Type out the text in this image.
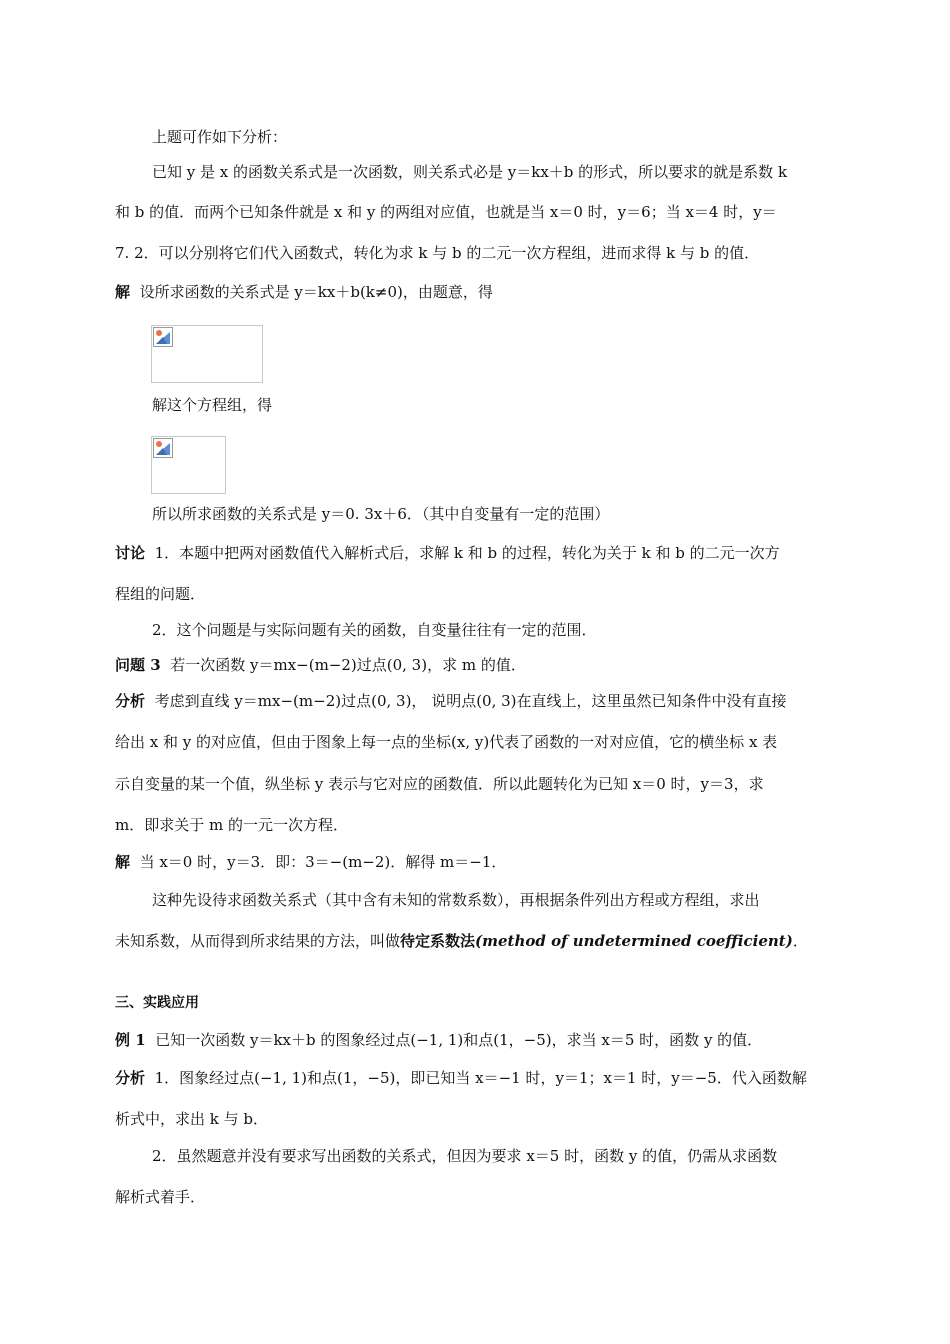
上题可作如下分析：
已知 y 是 x 的函数关系式是一次函数，则关系式必是 y＝kx＋b 的形式，所以要求的就是系数 k
和 b 的值．而两个已知条件就是 x 和 y 的两组对应值，也就是当 x＝0 时，y＝6；当 x＝4 时，y＝
7. 2．可以分别将它们代入函数式，转化为求 k 与 b 的二元一次方程组，进而求得 k 与 b 的值．
解 设所求函数的关系式是 y＝kx＋b(k≠0)，由题意，得
解这个方程组，得
所以所求函数的关系式是 y＝0. 3x＋6．（其中自变量有一定的范围）
讨论 1．本题中把两对函数值代入解析式后，求解 k 和 b 的过程，转化为关于 k 和 b 的二元一次方
程组的问题．
2．这个问题是与实际问题有关的函数，自变量往往有一定的范围．
问题 3 若一次函数 y＝mx−(m−2)过点(0, 3)，求 m 的值．
分析 考虑到直线 y＝mx−(m−2)过点(0, 3)， 说明点(0, 3)在直线上，这里虽然已知条件中没有直接
给出 x 和 y 的对应值，但由于图象上每一点的坐标(x, y)代表了函数的一对对应值，它的横坐标 x 表
示自变量的某一个值，纵坐标 y 表示与它对应的函数值．所以此题转化为已知 x＝0 时，y＝3，求
m．即求关于 m 的一元一次方程．
解 当 x＝0 时，y＝3．即：3＝−(m−2)．解得 m＝−1．
这种先设待求函数关系式（其中含有未知的常数系数），再根据条件列出方程或方程组，求出
未知系数，从而得到所求结果的方法，叫做待定系数法(method of undetermined coefficient)．
三、实践应用
例 1 已知一次函数 y＝kx＋b 的图象经过点(−1, 1)和点(1，−5)，求当 x＝5 时，函数 y 的值．
分析 1．图象经过点(−1, 1)和点(1，−5)，即已知当 x＝−1 时，y＝1；x＝1 时，y＝−5．代入函数解
析式中，求出 k 与 b．
2．虽然题意并没有要求写出函数的关系式，但因为要求 x＝5 时，函数 y 的值，仍需从求函数
解析式着手．
